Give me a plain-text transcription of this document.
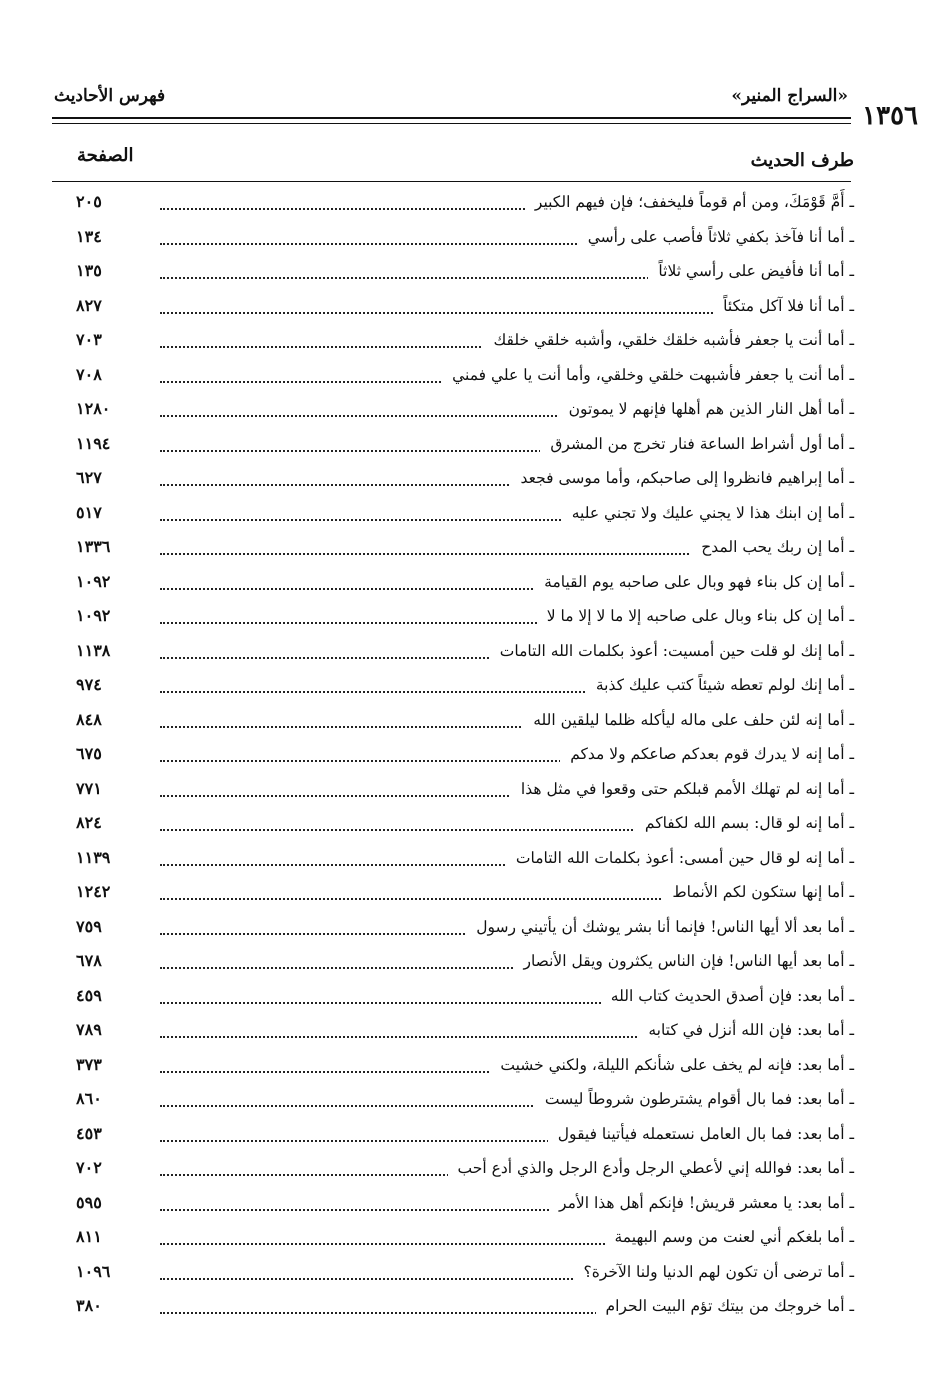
«السراج المنير»
فهرس الأحاديث
١٣٥٦
طرف الحديث
الصفحة
ـ أَمَّ قَوْمَكَ، ومن أم قوماً فليخفف؛ فإن فيهم الكبير
٢٠٥
ـ أما أنا فآخذ بكفي ثلاثاً فأصب على رأسي
١٣٤
ـ أما أنا فأفيض على رأسي ثلاثاً
١٣٥
ـ أما أنا فلا آكل متكئاً
٨٢٧
ـ أما أنت يا جعفر فأشبه خلقك خلقي، وأشبه خلقي خلقك
٧٠٣
ـ أما أنت يا جعفر فأشبهت خلقي وخلقي، وأما أنت يا علي فمني
٧٠٨
ـ أما أهل النار الذين هم أهلها فإنهم لا يموتون
١٢٨٠
ـ أما أول أشراط الساعة فنار تخرج من المشرق
١١٩٤
ـ أما إبراهيم فانظروا إلى صاحبكم، وأما موسى فجعد
٦٢٧
ـ أما إن ابنك هذا لا يجني عليك ولا تجني عليه
٥١٧
ـ أما إن ربك يحب المدح
١٣٣٦
ـ أما إن كل بناء فهو وبال على صاحبه يوم القيامة
١٠٩٢
ـ أما إن كل بناء وبال على صاحبه إلا ما لا إلا ما لا
١٠٩٢
ـ أما إنك لو قلت حين أمسيت: أعوذ بكلمات الله التامات
١١٣٨
ـ أما إنك لولم تعطه شيئاً كتب عليك كذبة
٩٧٤
ـ أما إنه لئن حلف على ماله ليأكله ظلما ليلقين الله
٨٤٨
ـ أما إنه لا يدرك قوم بعدكم صاعكم ولا مدكم
٦٧٥
ـ أما إنه لم تهلك الأمم قبلكم حتى وقعوا في مثل هذا
٧٧١
ـ أما إنه لو قال: بسم الله لكفاكم
٨٢٤
ـ أما إنه لو قال حين أمسى: أعوذ بكلمات الله التامات
١١٣٩
ـ أما إنها ستكون لكم الأنماط
١٢٤٢
ـ أما بعد ألا أيها الناس! فإنما أنا بشر يوشك أن يأتيني رسول
٧٥٩
ـ أما بعد أيها الناس! فإن الناس يكثرون ويقل الأنصار
٦٧٨
ـ أما بعد: فإن أصدق الحديث كتاب الله
٤٥٩
ـ أما بعد: فإن الله أنزل في كتابه
٧٨٩
ـ أما بعد: فإنه لم يخف على شأنكم الليلة، ولكني خشيت
٣٧٣
ـ أما بعد: فما بال أقوام يشترطون شروطاً ليست
٨٦٠
ـ أما بعد: فما بال العامل نستعمله فيأتينا فيقول
٤٥٣
ـ أما بعد: فوالله إني لأعطي الرجل وأدع الرجل والذي أدع أحب
٧٠٢
ـ أما بعد: يا معشر قريش! فإنكم أهل هذا الأمر
٥٩٥
ـ أما بلغكم أني لعنت من وسم البهيمة
٨١١
ـ أما ترضى أن تكون لهم الدنيا ولنا الآخرة؟
١٠٩٦
ـ أما خروجك من بيتك تؤم البيت الحرام
٣٨٠
